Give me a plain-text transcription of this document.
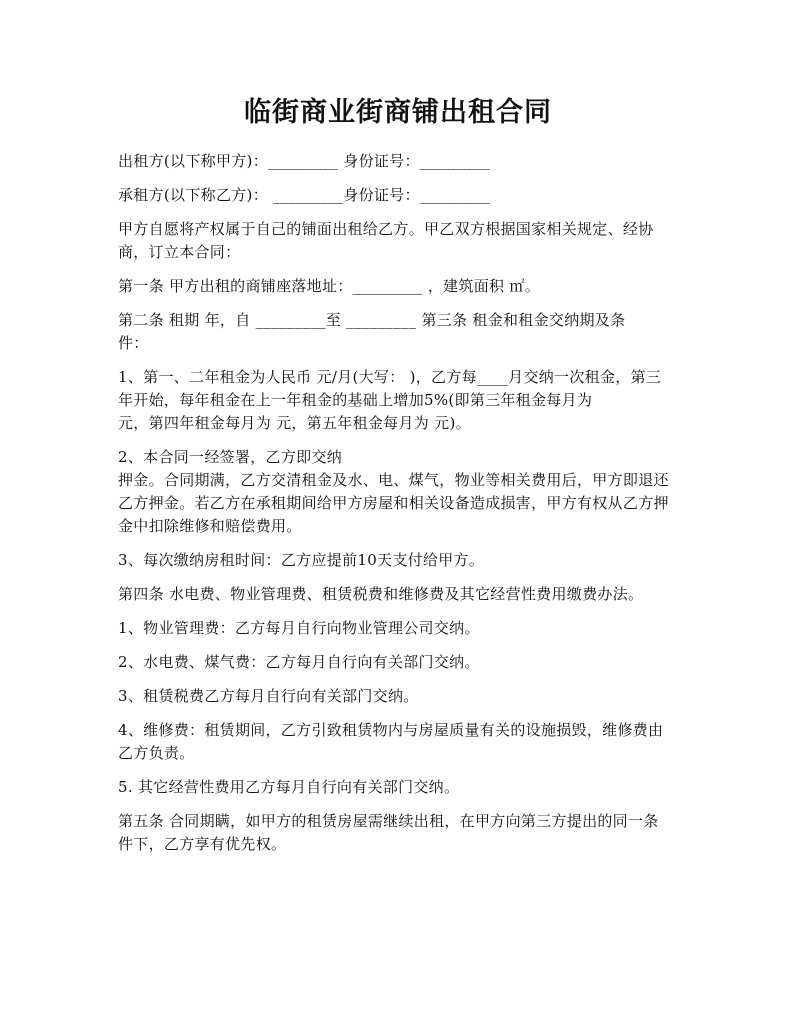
临街商业街商铺出租合同

出租方(以下称甲方)：_________ 身份证号：_________

承租方(以下称乙方)： _________身份证号：_________

甲方自愿将产权属于自己的铺面出租给乙方。甲乙双方根据国家相关规定、经协
商，订立本合同：

第一条 甲方出租的商铺座落地址：_________ ，建筑面积 ㎡。

第二条 租期 年，自 _________至 _________ 第三条 租金和租金交纳期及条
件：

1、第一、二年租金为人民币 元/月(大写： )，乙方每____月交纳一次租金，第三
年开始，每年租金在上一年租金的基础上增加5%(即第三年租金每月为
元，第四年租金每月为 元，第五年租金每月为 元)。

2、本合同一经签署，乙方即交纳
押金。合同期满，乙方交清租金及水、电、煤气，物业等相关费用后，甲方即退还
乙方押金。若乙方在承租期间给甲方房屋和相关设备造成损害，甲方有权从乙方押
金中扣除维修和赔偿费用。

3、每次缴纳房租时间：乙方应提前10天支付给甲方。

第四条 水电费、物业管理费、租赁税费和维修费及其它经营性费用缴费办法。

1、物业管理费：乙方每月自行向物业管理公司交纳。

2、水电费、煤气费：乙方每月自行向有关部门交纳。

3、租赁税费乙方每月自行向有关部门交纳。

4、维修费：租赁期间，乙方引致租赁物内与房屋质量有关的设施损毁，维修费由
乙方负责。

5. 其它经营性费用乙方每月自行向有关部门交纳。

第五条 合同期瞒，如甲方的租赁房屋需继续出租，在甲方向第三方提出的同一条
件下，乙方享有优先权。
